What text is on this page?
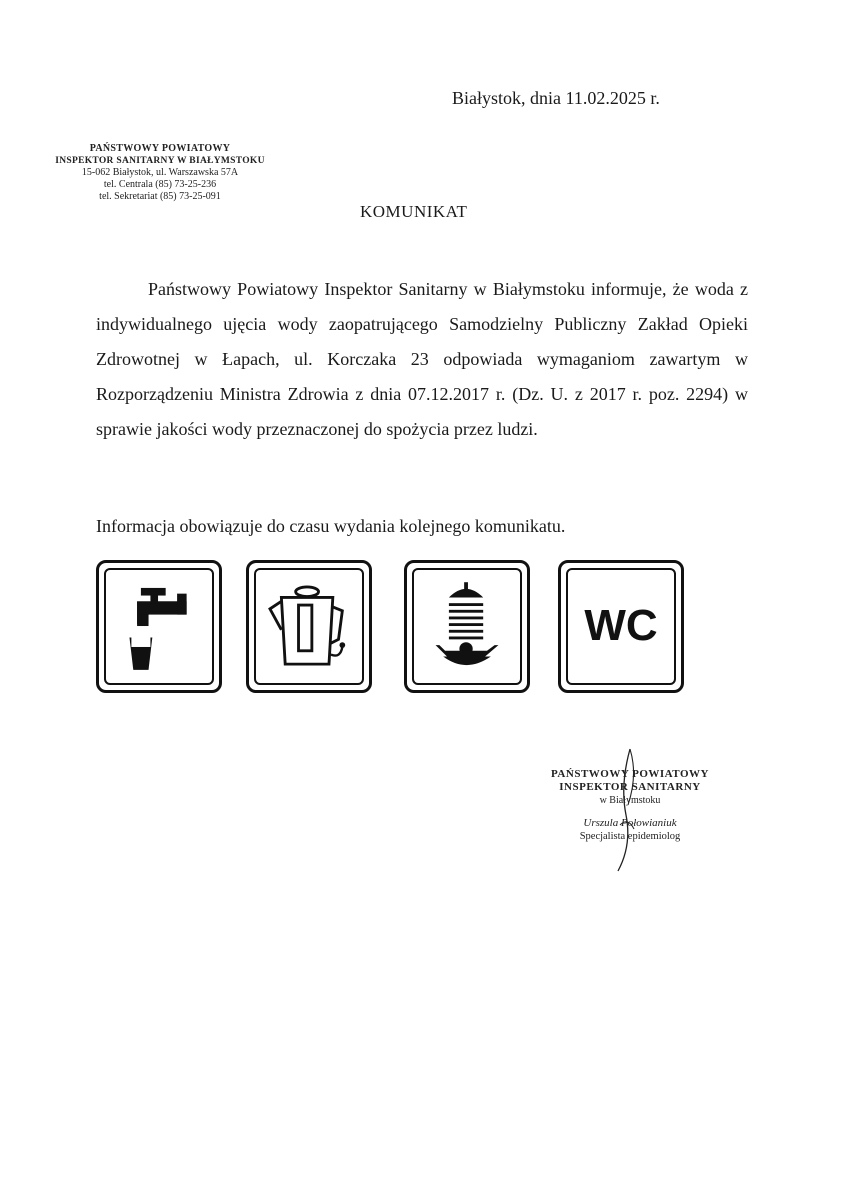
Białystok, dnia 11.02.2025 r.
PAŃSTWOWY POWIATOWY
INSPEKTOR SANITARNY W BIAŁYMSTOKU
15-062 Białystok, ul. Warszawska 57A
tel. Centrala (85) 73-25-236
tel. Sekretariat (85) 73-25-091
KOMUNIKAT
Państwowy Powiatowy Inspektor Sanitarny w Białymstoku informuje, że woda z indywidualnego ujęcia wody zaopatrującego Samodzielny Publiczny Zakład Opieki Zdrowotnej w Łapach, ul. Korczaka 23 odpowiada wymaganiom zawartym w Rozporządzeniu Ministra Zdrowia z dnia 07.12.2017 r. (Dz. U. z 2017 r. poz. 2294) w sprawie jakości wody przeznaczonej do spożycia przez ludzi.
Informacja obowiązuje do czasu wydania kolejnego komunikatu.
WC
PAŃSTWOWY POWIATOWY
INSPEKTOR SANITARNY
w Białymstoku
Urszula Połowianiuk
Specjalista epidemiolog
